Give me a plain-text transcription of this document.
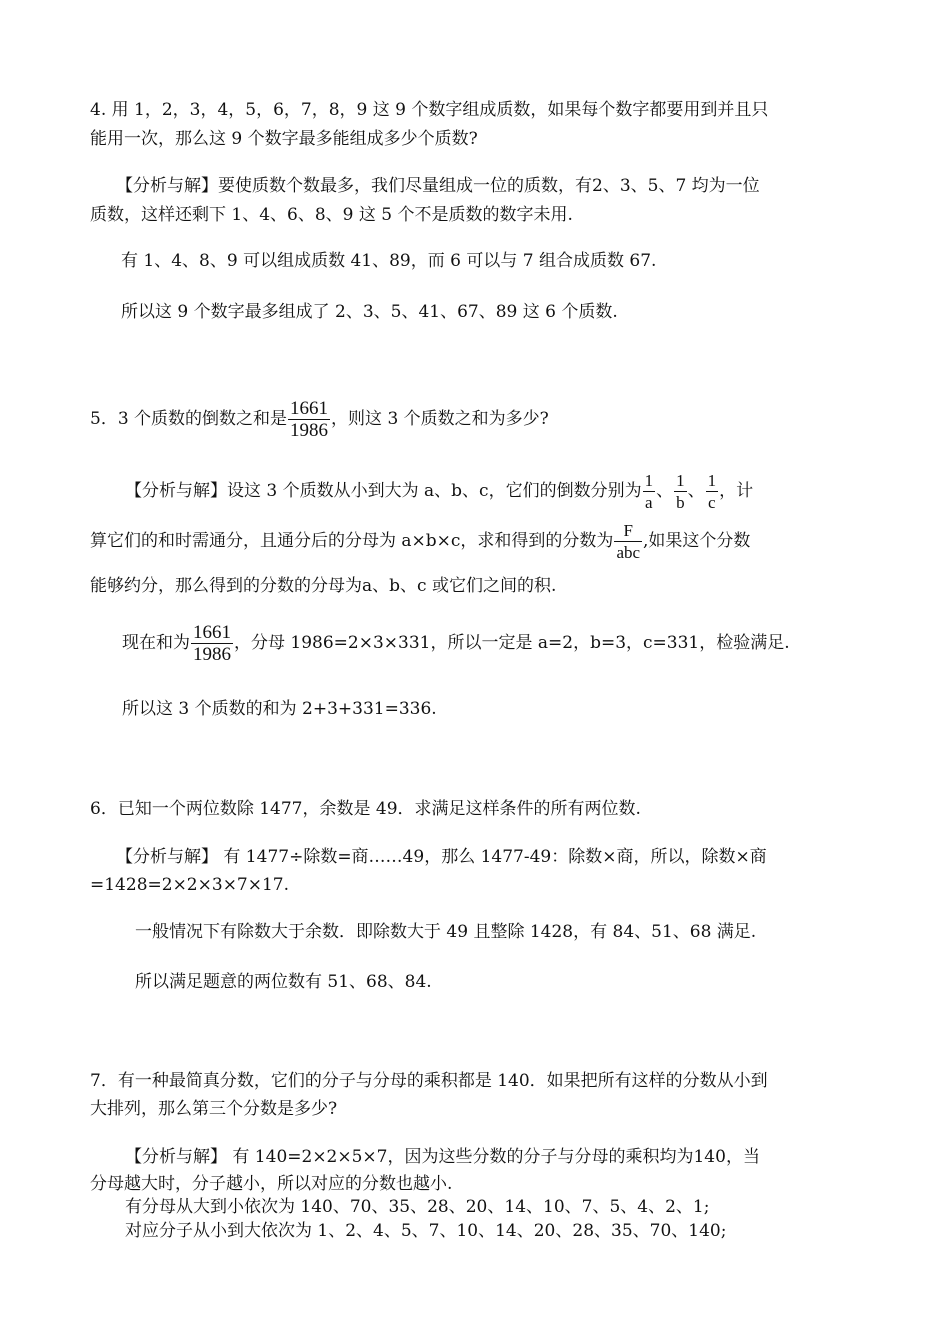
4. 用 1，2，3，4，5，6，7，8，9 这 9 个数字组成质数，如果每个数字都要用到并且只
能用一次，那么这 9 个数字最多能组成多少个质数?
【分析与解】要使质数个数最多，我们尽量组成一位的质数，有2、3、5、7 均为一位
质数，这样还剩下 1、4、6、8、9 这 5 个不是质数的数字未用.
有 1、4、8、9 可以组成质数 41、89，而 6 可以与 7 组合成质数 67.
所以这 9 个数字最多组成了 2、3、5、41、67、89 这 6 个质数.
5．3 个质数的倒数之和是 $\frac{1661}{1986}$ ，则这 3 个质数之和为多少?
【分析与解】设这 3 个质数从小到大为 a、b、c，它们的倒数分别为 $\frac{1}{a}$ 、 $\frac{1}{b}$ 、 $\frac{1}{c}$ ，计
算它们的和时需通分，且通分后的分母为 a×b×c，求和得到的分数为 $\frac{F}{\text{abc}}$ ,如果这个分数
能够约分，那么得到的分数的分母为a、b、c 或它们之间的积.
现在和为 $\frac{1661}{1986}$ ，分母 1986=2×3×331，所以一定是 a=2，b=3，c=331，检验满足.
所以这 3 个质数的和为 2+3+331=336.
6．已知一个两位数除 1477，余数是 49．求满足这样条件的所有两位数.
【分析与解】 有 1477÷除数=商……49，那么 1477-49：除数×商，所以，除数×商
=1428=2×2×3×7×17.
一般情况下有除数大于余数．即除数大于 49 且整除 1428，有 84、51、68 满足.
所以满足题意的两位数有 51、68、84.
7．有一种最简真分数，它们的分子与分母的乘积都是 140．如果把所有这样的分数从小到
大排列，那么第三个分数是多少?
【分析与解】 有 140=2×2×5×7，因为这些分数的分子与分母的乘积均为140，当
分母越大时，分子越小，所以对应的分数也越小.
有分母从大到小依次为 140、70、35、28、20、14、10、7、5、4、2、1;
对应分子从小到大依次为 1、2、4、5、7、10、14、20、28、35、70、140;
